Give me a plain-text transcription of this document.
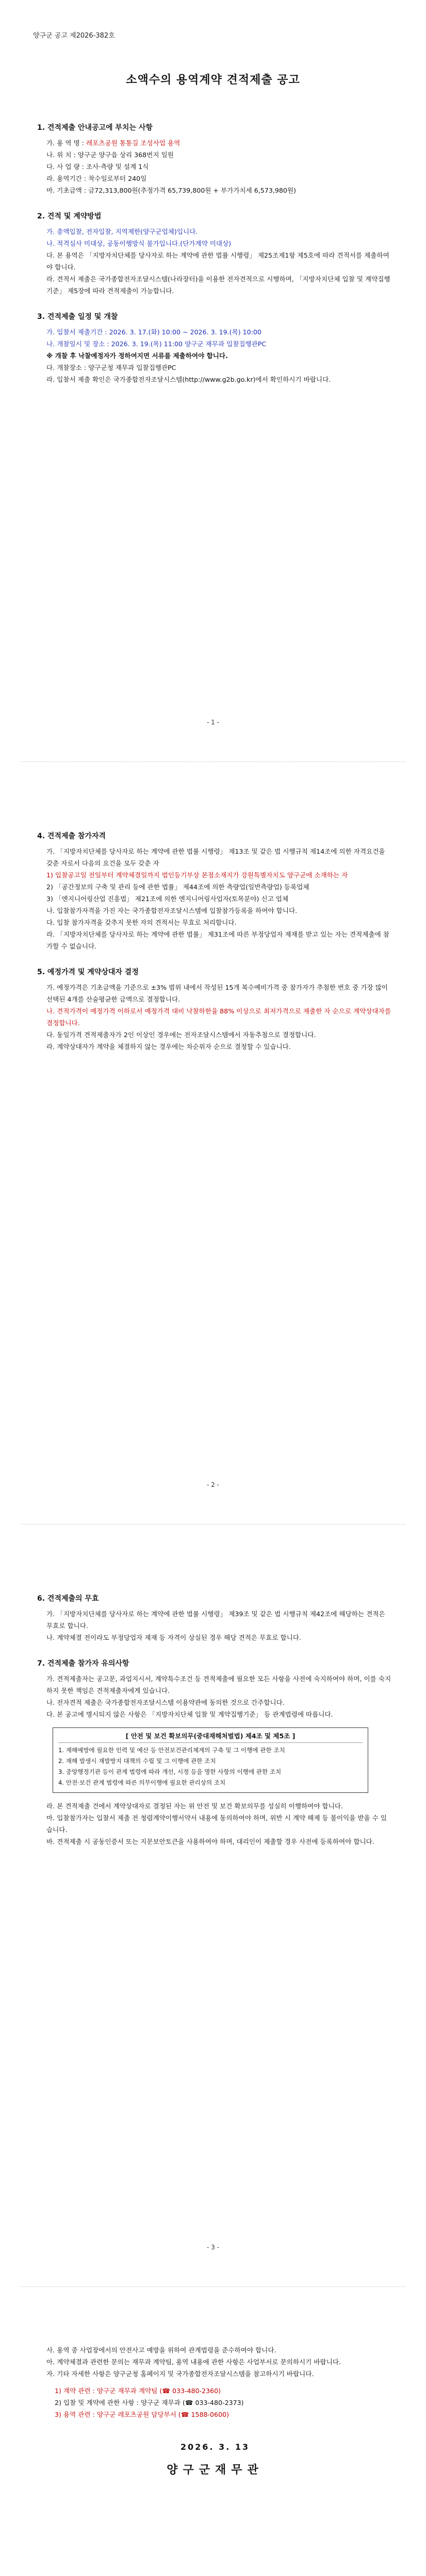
양구군 공고 제2026-382호
소액수의 용역계약 견적제출 공고
1. 견적제출 안내공고에 부치는 사항
가. 용 역 명 : 레포츠공원 통통길 조성사업 용역
나. 위 치 : 양구군 양구읍 상리 368번지 일원
다. 사 업 량 : 조사·측량 및 설계 1식
라. 용역기간 : 착수일로부터 240일
마. 기초금액 : 금72,313,800원(추정가격 65,739,800원 + 부가가치세 6,573,980원)
2. 견적 및 계약방법
가. 총액입찰, 전자입찰, 지역제한(양구군업체)입니다.
나. 적격심사 미대상, 공동이행방식 불가입니다.(단가계약 미대상)
다. 본 용역은 「지방자치단체를 당사자로 하는 계약에 관한 법률 시행령」 제25조제1항 제5호에 따라 견적서를 제출하여야 합니다.
라. 견적서 제출은 국가종합전자조달시스템(나라장터)을 이용한 전자견적으로 시행하며, 「지방자치단체 입찰 및 계약집행기준」 제5장에 따라 견적제출이 가능합니다.
3. 견적제출 일정 및 개찰
가. 입찰서 제출기간 : 2026. 3. 17.(화) 10:00 ~ 2026. 3. 19.(목) 10:00
나. 개찰일시 및 장소 : 2026. 3. 19.(목) 11:00 양구군 재무과 입찰집행관PC
※ 개찰 후 낙찰예정자가 정하여지면 서류를 제출하여야 합니다.
다. 개찰장소 : 양구군청 재무과 입찰집행관PC
라. 입찰서 제출 확인은 국가종합전자조달시스템(http://www.g2b.go.kr)에서 확인하시기 바랍니다.
- 1 -
4. 견적제출 참가자격
가. 「지방자치단체를 당사자로 하는 계약에 관한 법률 시행령」 제13조 및 같은 법 시행규칙 제14조에 의한 자격요건을 갖춘 자로서 다음의 요건을 모두 갖춘 자
1) 입찰공고일 전일부터 계약체결일까지 법인등기부상 본점소재지가 강원특별자치도 양구군에 소재하는 자
2) 「공간정보의 구축 및 관리 등에 관한 법률」 제44조에 의한 측량업(일반측량업) 등록업체
3) 「엔지니어링산업 진흥법」 제21조에 의한 엔지니어링사업자(토목분야) 신고 업체
나. 입찰참가자격을 가진 자는 국가종합전자조달시스템에 입찰참가등록을 하여야 합니다.
다. 입찰 참가자격을 갖추지 못한 자의 견적서는 무효로 처리합니다.
라. 「지방자치단체를 당사자로 하는 계약에 관한 법률」 제31조에 따른 부정당업자 제재를 받고 있는 자는 견적제출에 참가할 수 없습니다.
5. 예정가격 및 계약상대자 결정
가. 예정가격은 기초금액을 기준으로 ±3% 범위 내에서 작성된 15개 복수예비가격 중 참가자가 추첨한 번호 중 가장 많이 선택된 4개를 산술평균한 금액으로 결정합니다.
나. 견적가격이 예정가격 이하로서 예정가격 대비 낙찰하한율 88% 이상으로 최저가격으로 제출한 자 순으로 계약상대자를 결정합니다.
다. 동일가격 견적제출자가 2인 이상인 경우에는 전자조달시스템에서 자동추첨으로 결정합니다.
라. 계약상대자가 계약을 체결하지 않는 경우에는 차순위자 순으로 결정할 수 있습니다.
- 2 -
6. 견적제출의 무효
가. 「지방자치단체를 당사자로 하는 계약에 관한 법률 시행령」 제39조 및 같은 법 시행규칙 제42조에 해당하는 견적은 무효로 합니다.
나. 계약체결 전이라도 부정당업자 제재 등 자격이 상실된 경우 해당 견적은 무효로 합니다.
7. 견적제출 참가자 유의사항
가. 견적제출자는 공고문, 과업지시서, 계약특수조건 등 견적제출에 필요한 모든 사항을 사전에 숙지하여야 하며, 이를 숙지하지 못한 책임은 견적제출자에게 있습니다.
나. 전자견적 제출은 국가종합전자조달시스템 이용약관에 동의한 것으로 간주합니다.
다. 본 공고에 명시되지 않은 사항은 「지방자치단체 입찰 및 계약집행기준」 등 관계법령에 따릅니다.
[ 안전 및 보건 확보의무(중대재해처벌법) 제4조 및 제5조 ]
1. 재해예방에 필요한 인력 및 예산 등 안전보건관리체계의 구축 및 그 이행에 관한 조치
2. 재해 발생시 재발방지 대책의 수립 및 그 이행에 관한 조치
3. 중앙행정기관 등이 관계 법령에 따라 개선, 시정 등을 명한 사항의 이행에 관한 조치
4. 안전·보건 관계 법령에 따른 의무이행에 필요한 관리상의 조치
라. 본 견적제출 건에서 계약상대자로 결정된 자는 위 안전 및 보건 확보의무를 성실히 이행하여야 합니다.
마. 입찰참가자는 입찰서 제출 전 청렴계약이행서약서 내용에 동의하여야 하며, 위반 시 계약 해제 등 불이익을 받을 수 있습니다.
바. 견적제출 시 공동인증서 또는 지문보안토큰을 사용하여야 하며, 대리인이 제출할 경우 사전에 등록하여야 합니다.
- 3 -
사. 용역 중 사업장에서의 안전사고 예방을 위하여 관계법령을 준수하여야 합니다.
아. 계약체결과 관련한 문의는 재무과 계약팀, 용역 내용에 관한 사항은 사업부서로 문의하시기 바랍니다.
자. 기타 자세한 사항은 양구군청 홈페이지 및 국가종합전자조달시스템을 참고하시기 바랍니다.
1) 계약 관련 : 양구군 재무과 계약팀 (☎ 033-480-2360)
2) 입찰 및 계약에 관한 사항 : 양구군 재무과 (☎ 033-480-2373)
3) 용역 관련 : 양구군 레포츠공원 담당부서 (☎ 1588-0600)
2026. 3. 13
양구군재무관
